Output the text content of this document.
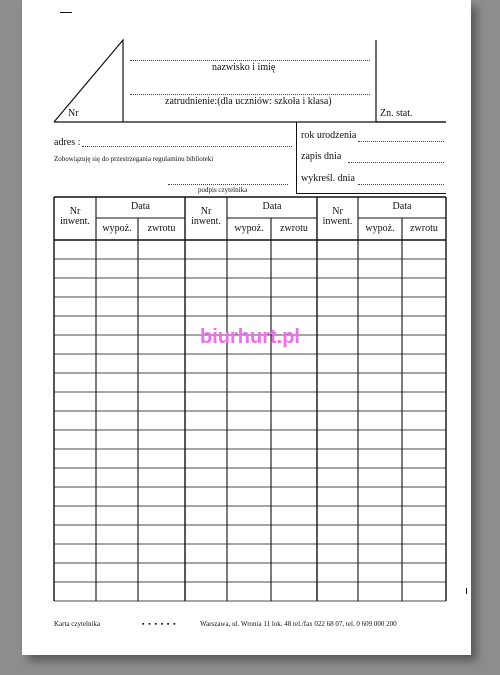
nazwisko i imię
zatrudnienie:(dla uczniów: szkoła i klasa)
Nr	Zn. stat.
adres :
Zobowiązuję się do przestrzegania regulaminu biblioteki
podpis czytelnika
rok urodzenia
zapis dnia
wykreśl. dnia
Nr
inwent.
Data
wypoż.	zwrotu
Nr
inwent.
Data
wypoż.	zwrotu
Nr
inwent.
Data
wypoż.	zwrotu
biurhurt.pl
Karta czytelnika	▪ ▪ ▪ ▪ ▪ ▪	Warszawa, ul. Wronia 11 lok. 48 tel./fax 022 68 07, tel. 0 609 000 200
